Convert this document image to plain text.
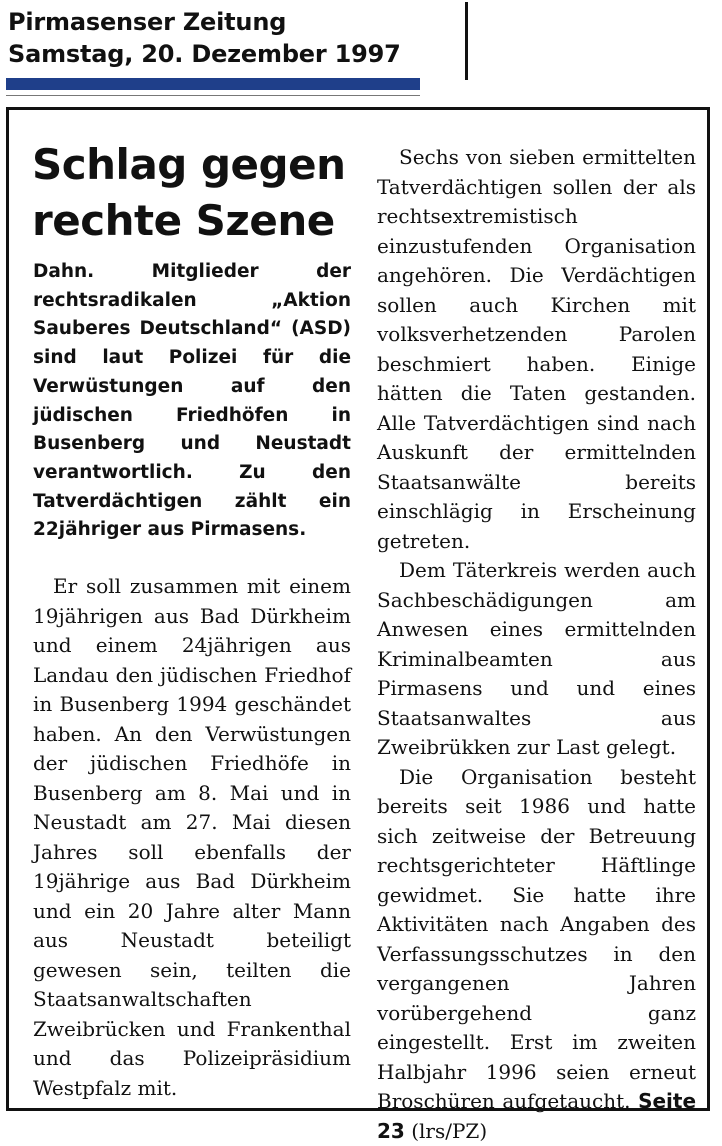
Pirmasenser Zeitung
Samstag, 20. Dezember 1997
Schlag gegen
rechte Szene
Dahn. Mitglieder der rechtsradikalen „Aktion Sauberes Deutschland“ (ASD) sind laut Polizei für die Verwüstungen auf den jüdischen Friedhöfen in Busenberg und Neustadt verantwortlich. Zu den Tatverdächtigen zählt ein 22jähriger aus Pirmasens.
Er soll zusammen mit einem 19jährigen aus Bad Dürkheim und einem 24jährigen aus Landau den jüdischen Friedhof in Busenberg 1994 geschändet haben. An den Verwüstungen der jüdischen Friedhöfe in Busenberg am 8. Mai und in Neustadt am 27. Mai diesen Jahres soll ebenfalls der 19jährige aus Bad Dürkheim und ein 20 Jahre alter Mann aus Neustadt beteiligt gewesen sein, teilten die Staatsanwaltschaften Zweibrücken und Frankenthal und das Polizeipräsidium Westpfalz mit.

Sechs von sieben ermittelten Tatverdächtigen sollen der als rechtsextremistisch einzustufenden Organisation angehören. Die Verdächtigen sollen auch Kirchen mit volksverhetzenden Parolen beschmiert haben. Einige hätten die Taten gestanden. Alle Tatverdächtigen sind nach Auskunft der ermittelnden Staatsanwälte bereits einschlägig in Erscheinung getreten.

Dem Täterkreis werden auch Sachbeschädigungen am Anwesen eines ermittelnden Kriminalbeamten aus Pirmasens und und eines Staatsanwaltes aus Zweibrükken zur Last gelegt.

Die Organisation besteht bereits seit 1986 und hatte sich zeitweise der Betreuung rechtsgerichteter Häftlinge gewidmet. Sie hatte ihre Aktivitäten nach Angaben des Verfassungsschutzes in den vergangenen Jahren vorübergehend ganz eingestellt. Erst im zweiten Halbjahr 1996 seien erneut Broschüren aufgetaucht. Seite 23 (lrs/PZ)
